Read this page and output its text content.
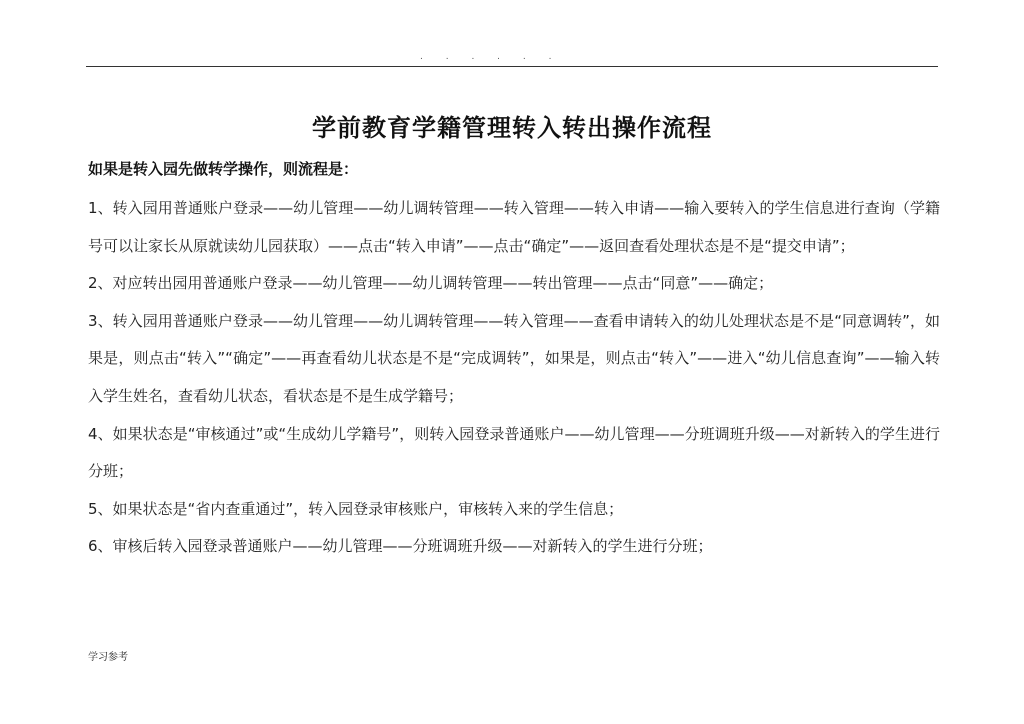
. . . . . .
学前教育学籍管理转入转出操作流程
如果是转入园先做转学操作，则流程是：
1、转入园用普通账户登录——幼儿管理——幼儿调转管理——转入管理——转入申请——输入要转入的学生信息进行查询（学籍号可以让家长从原就读幼儿园获取）——点击“转入申请”——点击“确定”——返回查看处理状态是不是“提交申请”；
2、对应转出园用普通账户登录——幼儿管理——幼儿调转管理——转出管理——点击“同意”——确定；
3、转入园用普通账户登录——幼儿管理——幼儿调转管理——转入管理——查看申请转入的幼儿处理状态是不是“同意调转”，如果是，则点击“转入”“确定”——再查看幼儿状态是不是“完成调转”，如果是，则点击“转入”——进入“幼儿信息查询”——输入转入学生姓名，查看幼儿状态，看状态是不是生成学籍号；
4、如果状态是“审核通过”或“生成幼儿学籍号”，则转入园登录普通账户——幼儿管理——分班调班升级——对新转入的学生进行分班；
5、如果状态是“省内查重通过”，转入园登录审核账户，审核转入来的学生信息；
6、审核后转入园登录普通账户——幼儿管理——分班调班升级——对新转入的学生进行分班；
学习参考
